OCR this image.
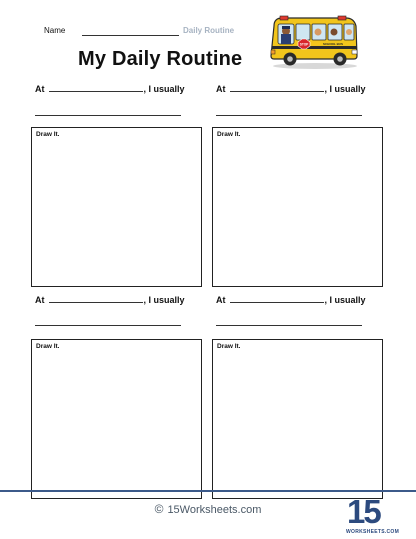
Name	Daily Routine
My Daily Routine
STOP	SCHOOL BUS
At	, I usually
Draw It.
At	, I usually
Draw It.
At	, I usually
Draw It.
At	, I usually
Draw It.
© 15Worksheets.com	15
WORKSHEETS.COM
